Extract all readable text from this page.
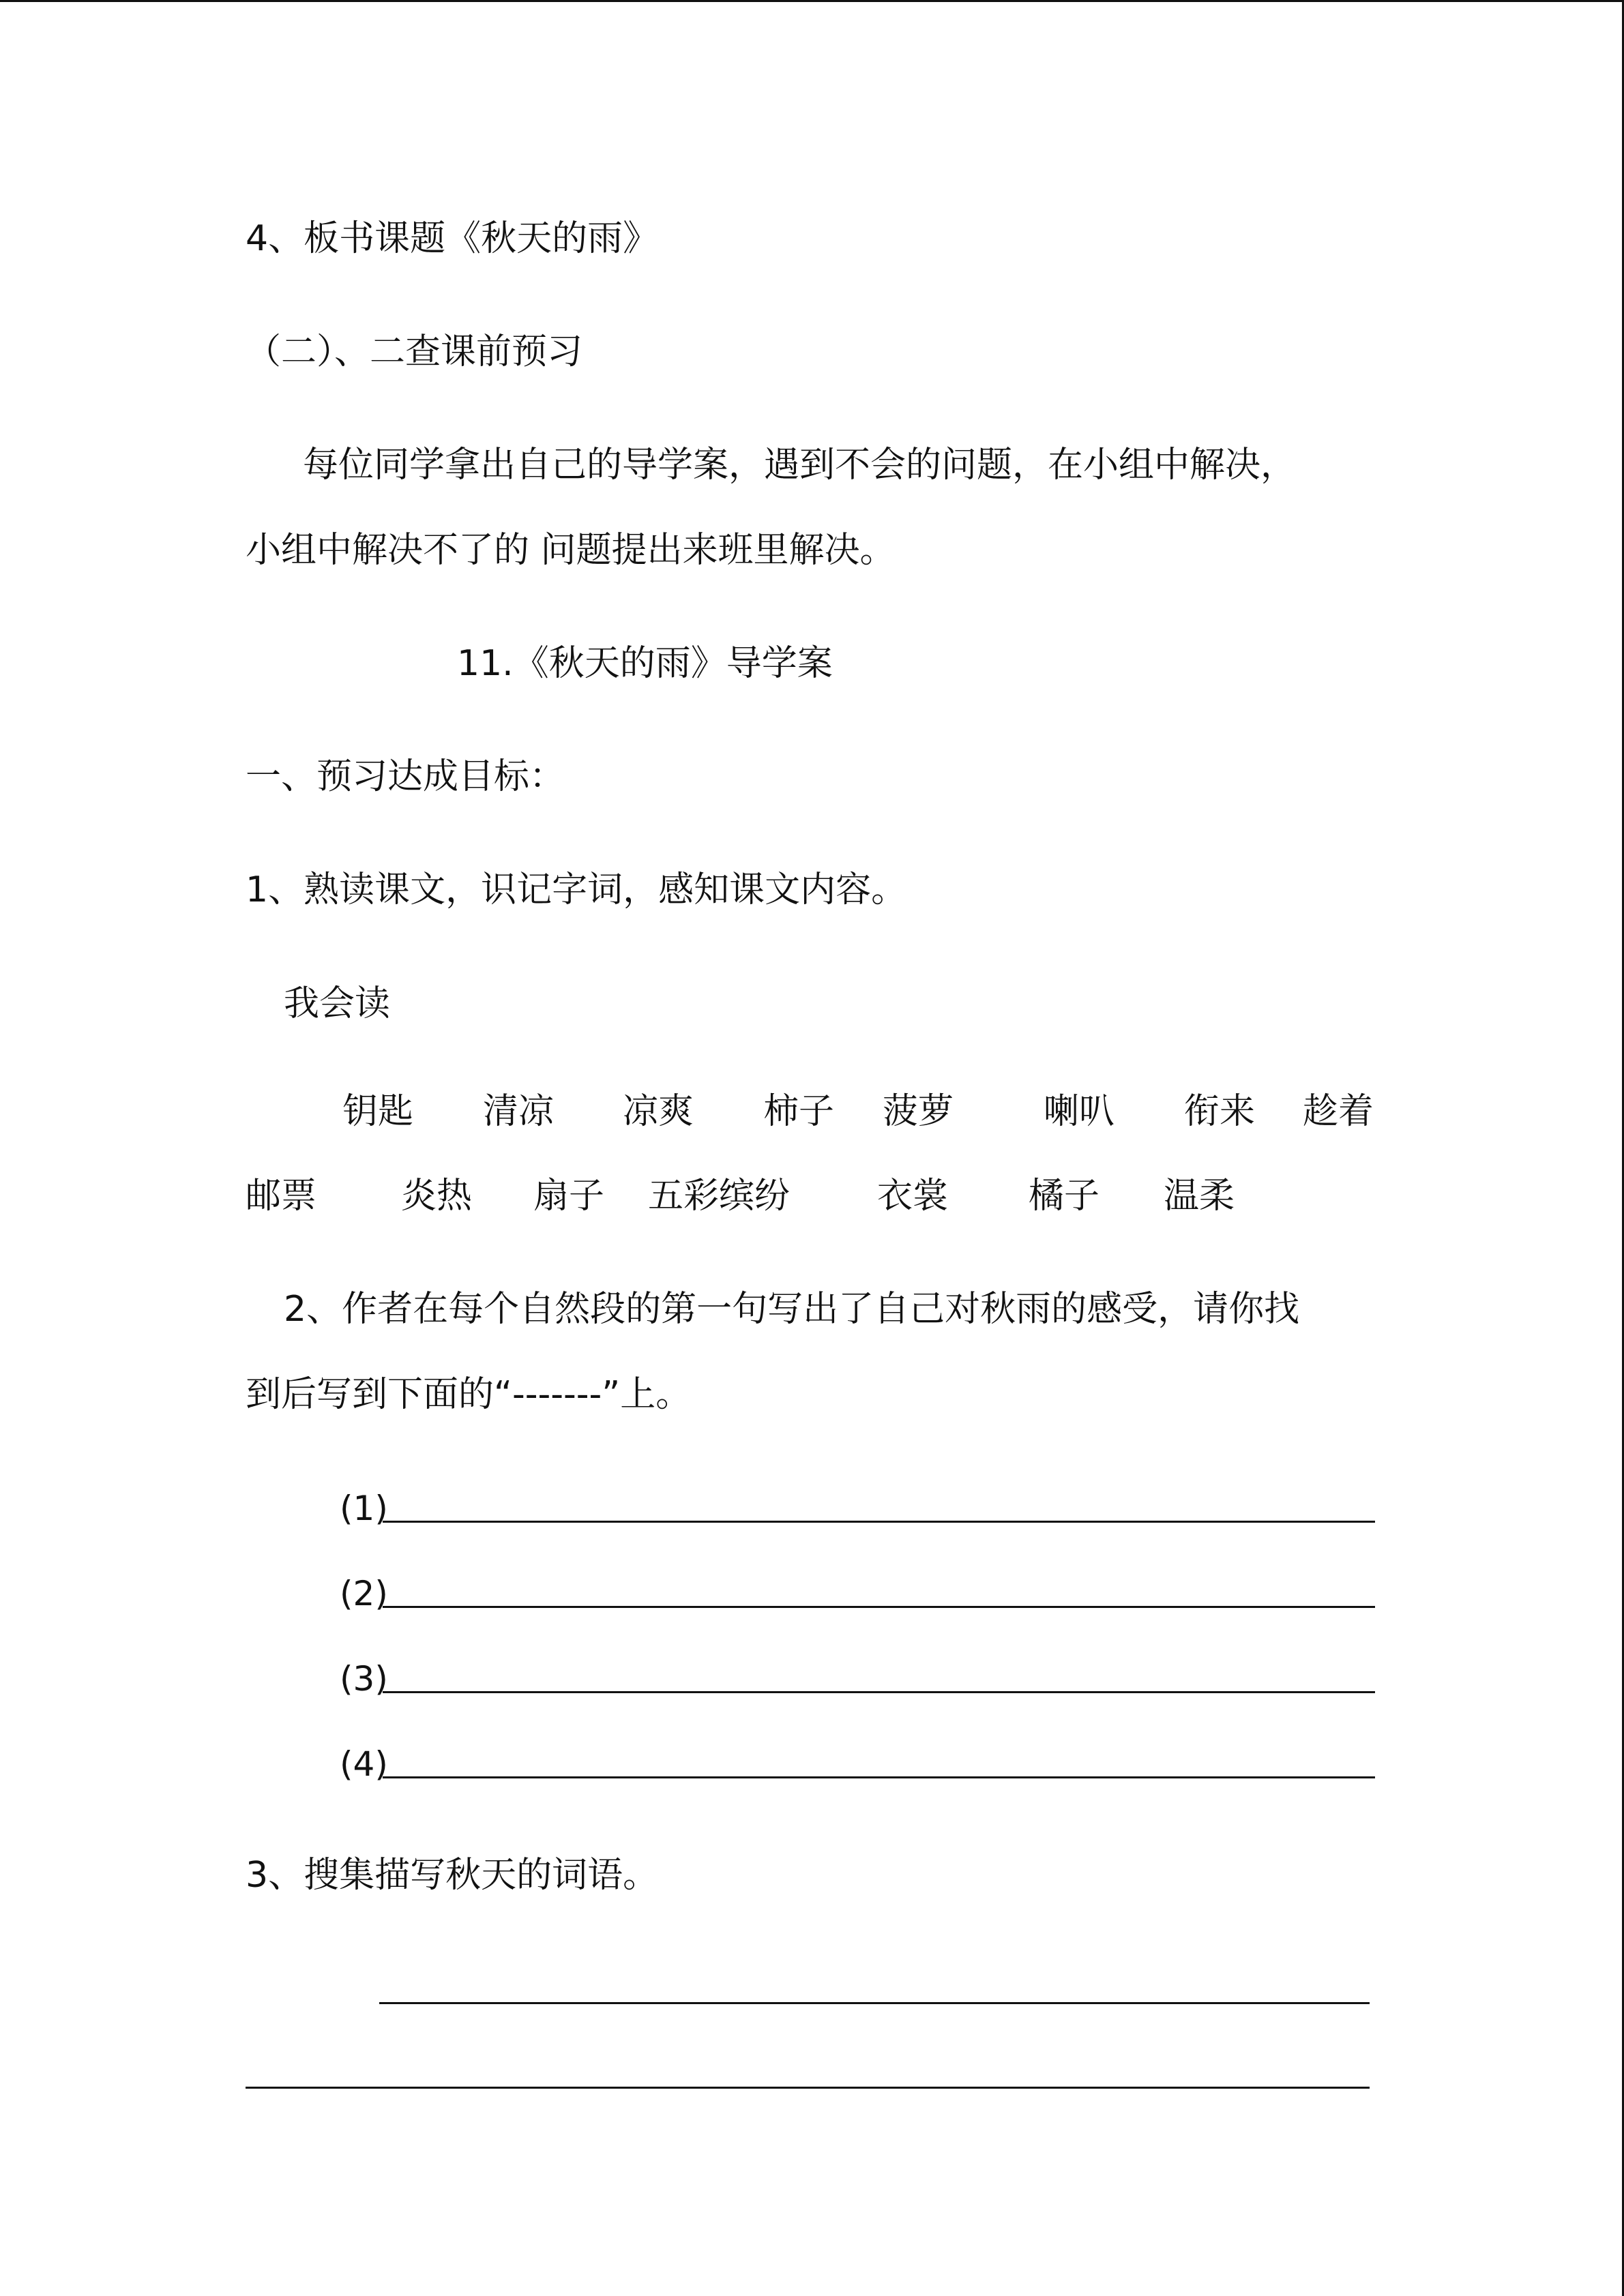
4、板书课题《秋天的雨》
（二）、二查课前预习
每位同学拿出自己的导学案，遇到不会的问题，在小组中解决，
小组中解决不了的 问题提出来班里解决。
11.《秋天的雨》导学案
一、预习达成目标：
1、熟读课文，识记字词，感知课文内容。
我会读
钥匙 清凉 凉爽 柿子 菠萝	喇叭 衔来 趁着
邮票 炎热 扇子 五彩缤纷 衣裳 橘子 温柔
2、作者在每个自然段的第一句写出了自己对秋雨的感受，请你找
到后写到下面的“-------”上。
(1)
(2)
(3)
(4)
3、搜集描写秋天的词语。
